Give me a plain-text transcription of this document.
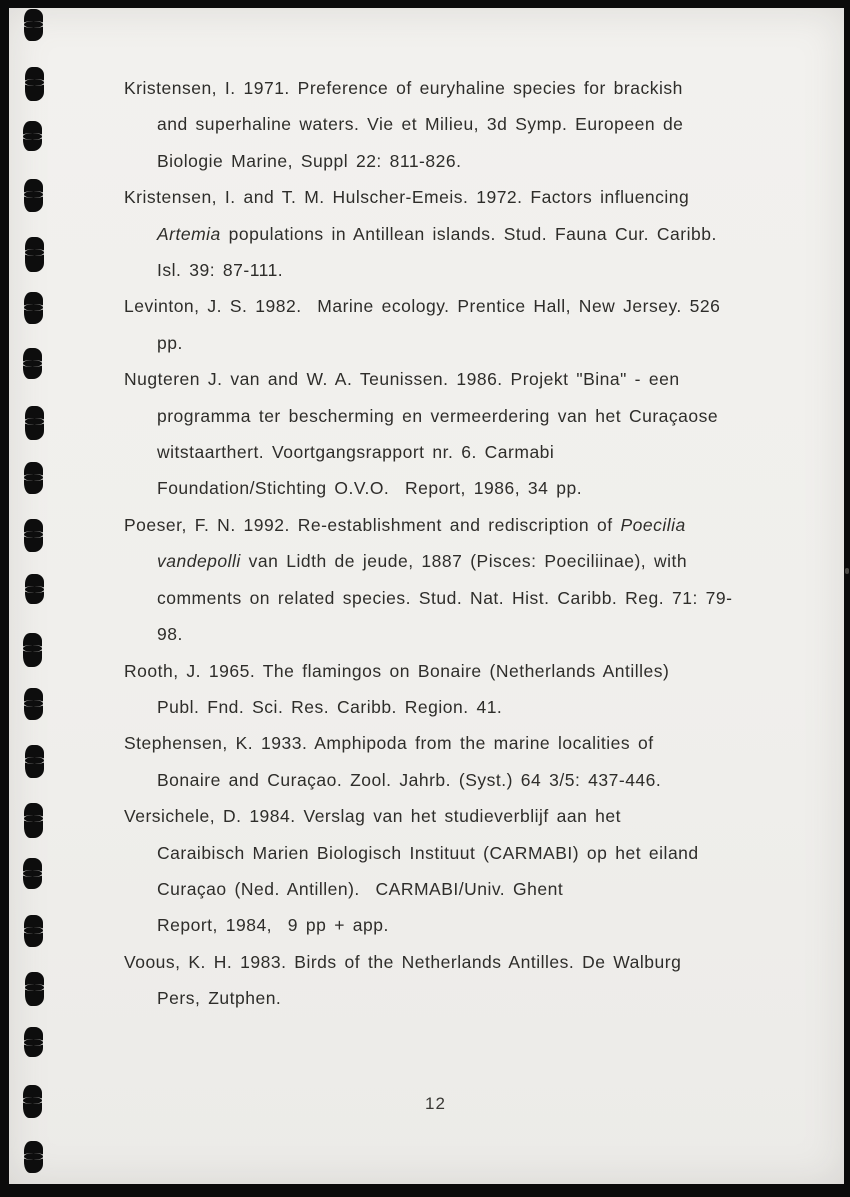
Kristensen, I. 1971. Preference of euryhaline species for brackish
and superhaline waters. Vie et Milieu, 3d Symp. Europeen de
Biologie Marine, Suppl 22: 811-826.
Kristensen, I. and T. M. Hulscher-Emeis. 1972. Factors influencing
Artemia populations in Antillean islands. Stud. Fauna Cur. Caribb.
Isl. 39: 87-111.
Levinton, J. S. 1982.  Marine ecology. Prentice Hall, New Jersey. 526
pp.
Nugteren J. van and W. A. Teunissen. 1986. Projekt "Bina" - een
programma ter bescherming en vermeerdering van het Curaçaose
witstaarthert. Voortgangsrapport nr. 6. Carmabi
Foundation/Stichting O.V.O.  Report, 1986, 34 pp.
Poeser, F. N. 1992. Re-establishment and rediscription of Poecilia
vandepolli van Lidth de jeude, 1887 (Pisces: Poeciliinae), with
comments on related species. Stud. Nat. Hist. Caribb. Reg. 71: 79-
98.
Rooth, J. 1965. The flamingos on Bonaire (Netherlands Antilles)
Publ. Fnd. Sci. Res. Caribb. Region. 41.
Stephensen, K. 1933. Amphipoda from the marine localities of
Bonaire and Curaçao. Zool. Jahrb. (Syst.) 64 3/5: 437-446.
Versichele, D. 1984. Verslag van het studieverblijf aan het
Caraibisch Marien Biologisch Instituut (CARMABI) op het eiland
Curaçao (Ned. Antillen).  CARMABI/Univ. Ghent
Report, 1984,  9 pp + app.
Voous, K. H. 1983. Birds of the Netherlands Antilles. De Walburg
Pers, Zutphen.
12
